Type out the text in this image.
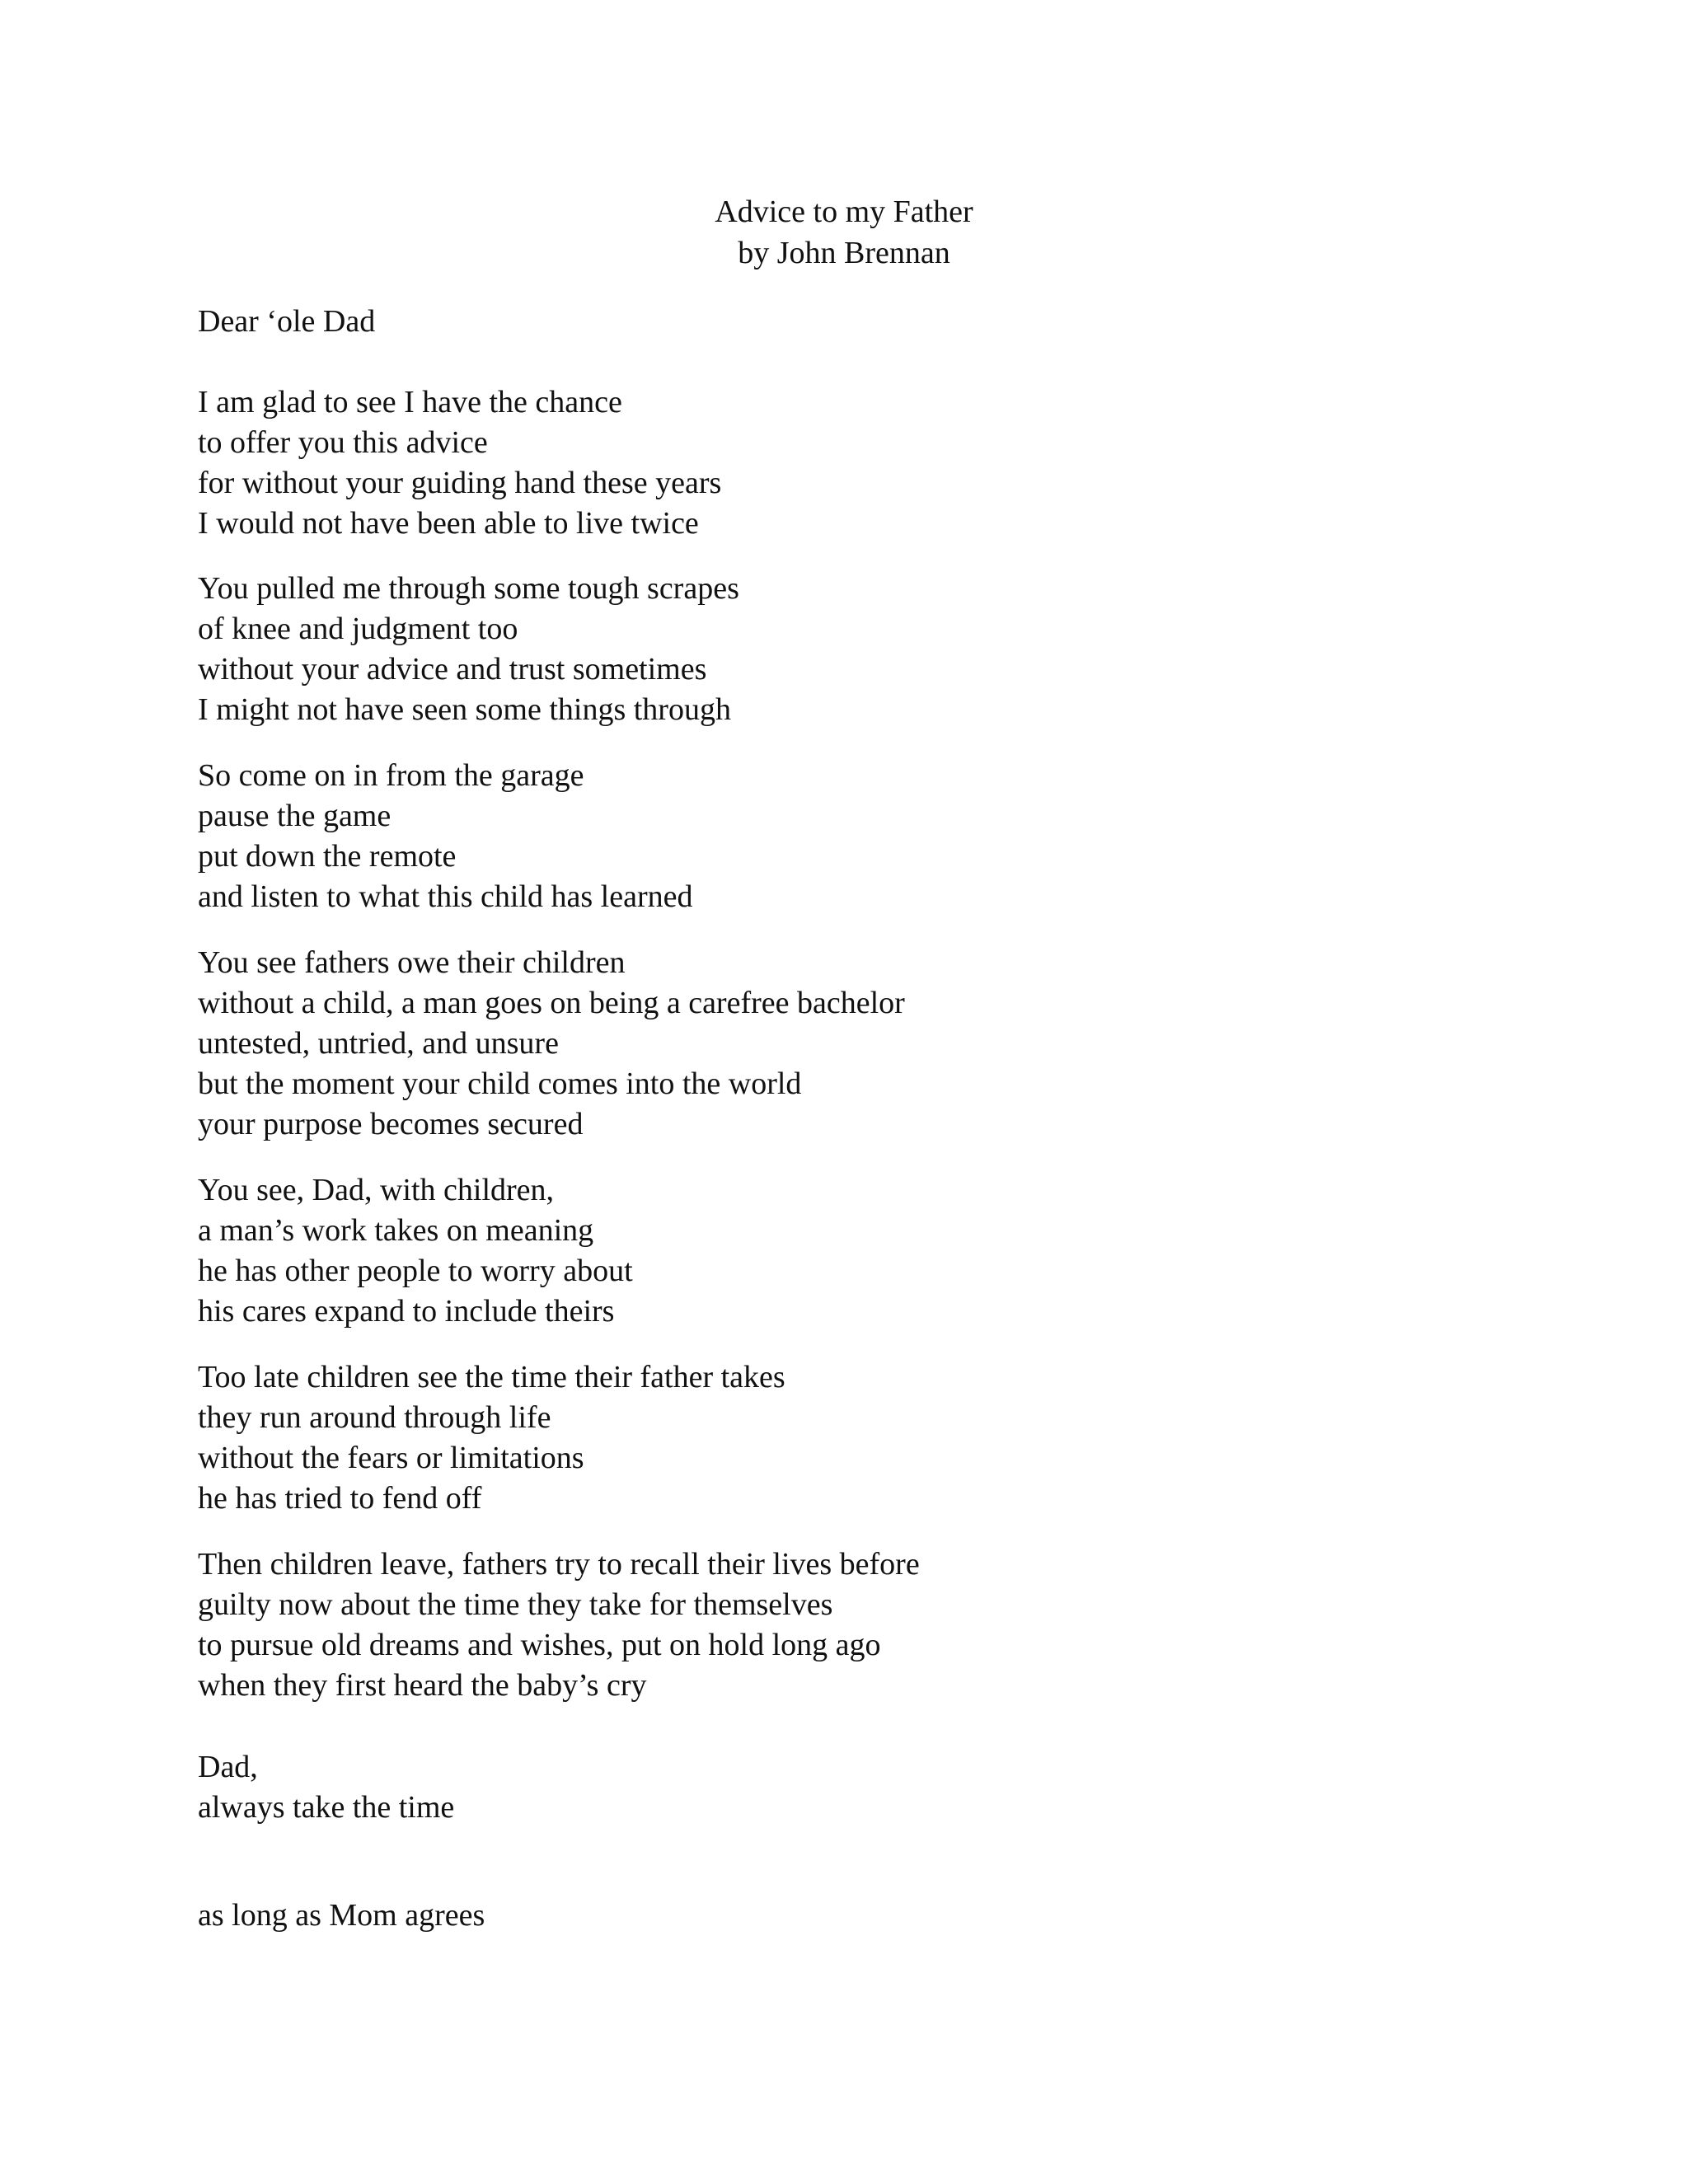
Advice to my Father
by John Brennan
Dear ‘ole Dad
I am glad to see I have the chance
to offer you this advice
for without your guiding hand these years
I would not have been able to live twice
You pulled me through some tough scrapes
of knee and judgment too
without your advice and trust sometimes
I might not have seen some things through
So come on in from the garage
pause the game
put down the remote
and listen to what this child has learned
You see fathers owe their children
without a child, a man goes on being a carefree bachelor
untested, untried, and unsure
but the moment your child comes into the world
your purpose becomes secured
You see, Dad, with children,
a man’s work takes on meaning
he has other people to worry about
his cares expand to include theirs
Too late children see the time their father takes
they run around through life
without the fears or limitations
he has tried to fend off
Then children leave, fathers try to recall their lives before
guilty now about the time they take for themselves
to pursue old dreams and wishes, put on hold long ago
when they first heard the baby’s cry
Dad,
always take the time
as long as Mom agrees
